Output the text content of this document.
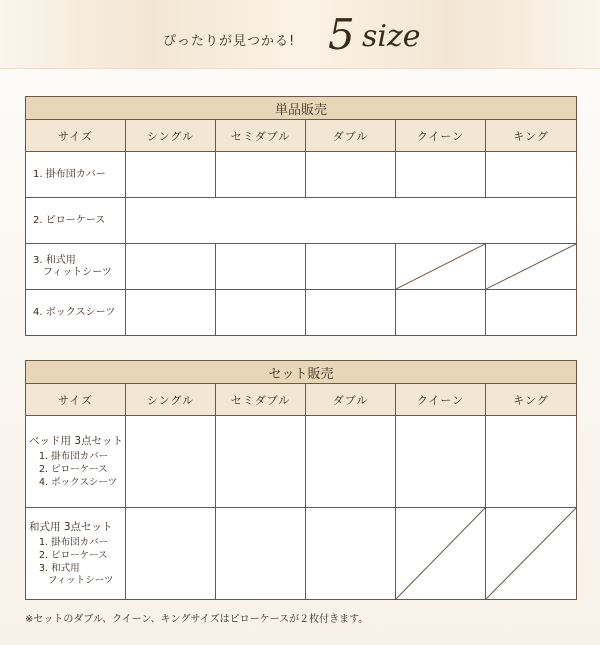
ぴったりが見つかる! 5 size
単品販売					
サイズ	シングル	セミダブル	ダブル	クイーン	キング
1. 掛布団カバー					
2. ピローケース					
3. 和式用
フィットシーツ

4. ボックスシーツ					
セット販売					
サイズ	シングル	セミダブル	ダブル	クイーン	キング

ベッド用 3点セット
1. 掛布団カバー
2. ピローケース
4. ボックスシーツ					

和式用 3点セット
1. 掛布団カバー
2. ピローケース
3. 和式用
フィットシーツ

※セットのダブル、クイーン、キングサイズはピローケースが２枚付きます。
